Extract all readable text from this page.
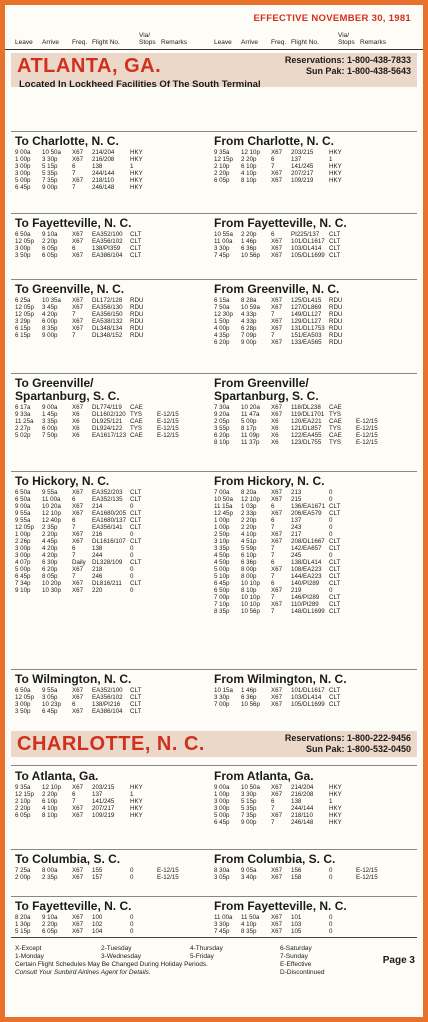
EFFECTIVE NOVEMBER 30, 1981
Leave Arrive Freq. Flight No.
Via/
Stops Remarks	Leave Arrive Freq. Flight No.
Via/
Stops Remarks
ATLANTA, GA.
Located In Lockheed Facilities Of The South Terminal
Reservations: 1-800-438-7833
Sun Pak: 1-800-438-5643
To Charlotte, N. C.
9 00a 10 50a X67 214/204	HKY
1 00p 3 30p X67 216/208	HKY
3 00p 5 15p 6	138	1
3 00p 5 35p 7	244/144	HKY
5 00p 7 35p X67 218/110	HKY
6 45p 9 00p 7	246/148	HKY
From Charlotte, N. C.
9 35a 12 10p X67 203/215	HKY
12 15p 2 20p 6	137	1
2 10p 6 10p 7	141/245	HKY
2 20p 4 10p X67 207/217	HKY
6 05p 8 10p X67 109/219	HKY
To Fayetteville, N. C.
6 50a 9 10a X67 EA352/100 CLT
12 05p 2 20p X67 EA356/102 CLT
3 00p 6 05p 6	138/PI359 CLT
3 50p 6 05p X67 EA386/104 CLT
From Fayetteville, N. C.
10 55a 2 20p 6	PI225/137 CLT
11 00a 1 46p X67 101/DL1617 CLT
3 30p 6 36p X67 103/DL414 CLT
7 45p 10 56p X67 105/DL1699 CLT
To Greenville, N. C.
6 25a 10 35a X67 DL172/128 RDU
12 05p 3 45p X67 EA356/130 RDU
12 05p 4 20p 7	EA356/150 RDU
3 29p 6 00p X67 EA538/132 RDU
6 15p 8 35p X67 DL348/134 RDU
6 15p 9 00p 7	DL348/152 RDU
From Greenville, N. C.
6 15a 8 28a X67 125/DL415 RDU
7 50a 10 59a X67 127/DL869 RDU
12 30p 4 33p 7	149/DL127 RDU
1 50p 4 33p X67 129/DL127 RDU
4 00p 6 28p X67 131/DL1753 RDU
4 35p 7 09p 7	151/EA503 RDU
6 20p 9 00p X67 133/EA565 RDU
To Greenville/
Spartanburg, S. C.
6 17a 9 00a X67 DL774/119 CAE
9 33a 1 45p X6 DL1602/120 TYS E-12/15
11 25a 3 35p X6 DL925/121 CAE E-12/15
2 27p 6 00p X6 DL924/122 TYS E-12/15
5 02p 7 50p X6 EA1617/123 CAE E-12/15
From Greenville/
Spartanburg, S. C.
7 30a 10 20a X67 118/DL238 CAE
9 20a 11 47a X67 119/DL1701 TYS
2 05p 5 00p X6 120/EA221 CAE E-12/15
3 55p 8 17p X6 121/DL857 TYS E-12/15
6 20p 11 09p X6 122/EA455 CAE E-12/15
8 10p 11 37p X6 123/DL755 TYS E-12/15
To Hickory, N. C.
6 50a 9 55a X67 EA352/203 CLT
6 50a 11 00a 6	EA352/135 CLT
9 00a 10 20a X67 214	0
9 55a 12 10p X67 EA1680/205 CLT
9 55a 12 40p 6	EA1680/137 CLT
12 05p 2 35p 7	EA356/141 CLT
1 00p 2 20p X67 216	0
2 26p 4 45p X67 DL1616/107 CLT
3 00p 4 20p 6	138	0
3 00p 4 20p 7	244	0
4 07p 6 30p Daily DL328/109 CLT
5 00p 6 20p X67 218	0
6 45p 8 05p 7	246	0
7 34p 10 20p X67 DL816/211 CLT
9 10p 10 30p X67 220	0
From Hickory, N. C.
7 00a 8 20a X67 213	0
10 50a 12 10p X67 215	0
11 15a 1 03p 6	136/EA1671 CLT
12 45p 2 33p X67 206/EA579 CLT
1 00p 2 20p 6	137	0
1 00p 2 20p 7	243	0
2 50p 4 10p X67 217	0
3 10p 4 51p X67 208/DL1667 CLT
3 35p 5 59p 7	142/EA657 CLT
4 50p 6 10p 7	245	0
4 50p 6 36p 6	138/DL414 CLT
5 00p 8 00p X67 108/EA223 CLT
5 10p 8 00p 7	144/EA223 CLT
6 45p 10 10p 6	140/PI289 CLT
6 50p 8 10p X67 219	0
7 00p 10 10p 7	146/PI289 CLT
7 10p 10 10p X67 110/PI289 CLT
8 35p 10 56p 7	148/DL1699 CLT
To Wilmington, N. C.
6 50a 9 55a X67 EA352/100 CLT
12 05p 3 05p X67 EA356/102 CLT
3 00p 10 23p 6	138/PI216 CLT
3 50p 6 45p X67 EA386/104 CLT
From Wilmington, N. C.
10 15a 1 46p X67 101/DL1617 CLT
3 30p 6 36p X67 103/DL414 CLT
7 00p 10 56p X67 105/DL1699 CLT
CHARLOTTE, N. C.	Reservations: 1-800-222-9456
Sun Pak: 1-800-532-0450
To Atlanta, Ga.
9 35a 12 10p X67 203/215	HKY
12 15p 2 20p 6	137	1
2 10p 6 10p 7	141/245	HKY
2 20p 4 10p X67 207/217	HKY
6 05p 8 10p X67 109/219	HKY
From Atlanta, Ga.
9 00a 10 50a X67 214/204	HKY
1 00p 3 30p X67 216/208	HKY
3 00p 5 15p 6	138	1
3 00p 5 35p 7	244/144	HKY
5 00p 7 35p X67 218/110	HKY
6 45p 9 00p 7	246/148	HKY
To Columbia, S. C.
7 25a 8 00a X67 155	0	E-12/15
2 00p 2 35p X67 157	0	E-12/15
From Columbia, S. C.
8 30a 9 05a X67 156	0	E-12/15
3 05p 3 40p X67 158	0	E-12/15
To Fayetteville, N. C.
8 20a 9 10a X67 100	0
1 30p 2 20p X67 102	0
5 15p 6 05p X67 104	0
From Fayetteville, N. C.
11 00a 11 50a X67 101	0
3 30p 4 10p X67 103	0
7 45p 8 35p X67 105	0
X-Except	2-Tuesday	4-Thursday	6-Saturday
1-Monday	3-Wednesday	5-Friday	7-Sunday
Certain Flight Schedules May Be Changed During Holiday Periods.	E-Effective
Consult Your Sunbird Airlines Agent for Details.	D-Discontinued
Page 3
